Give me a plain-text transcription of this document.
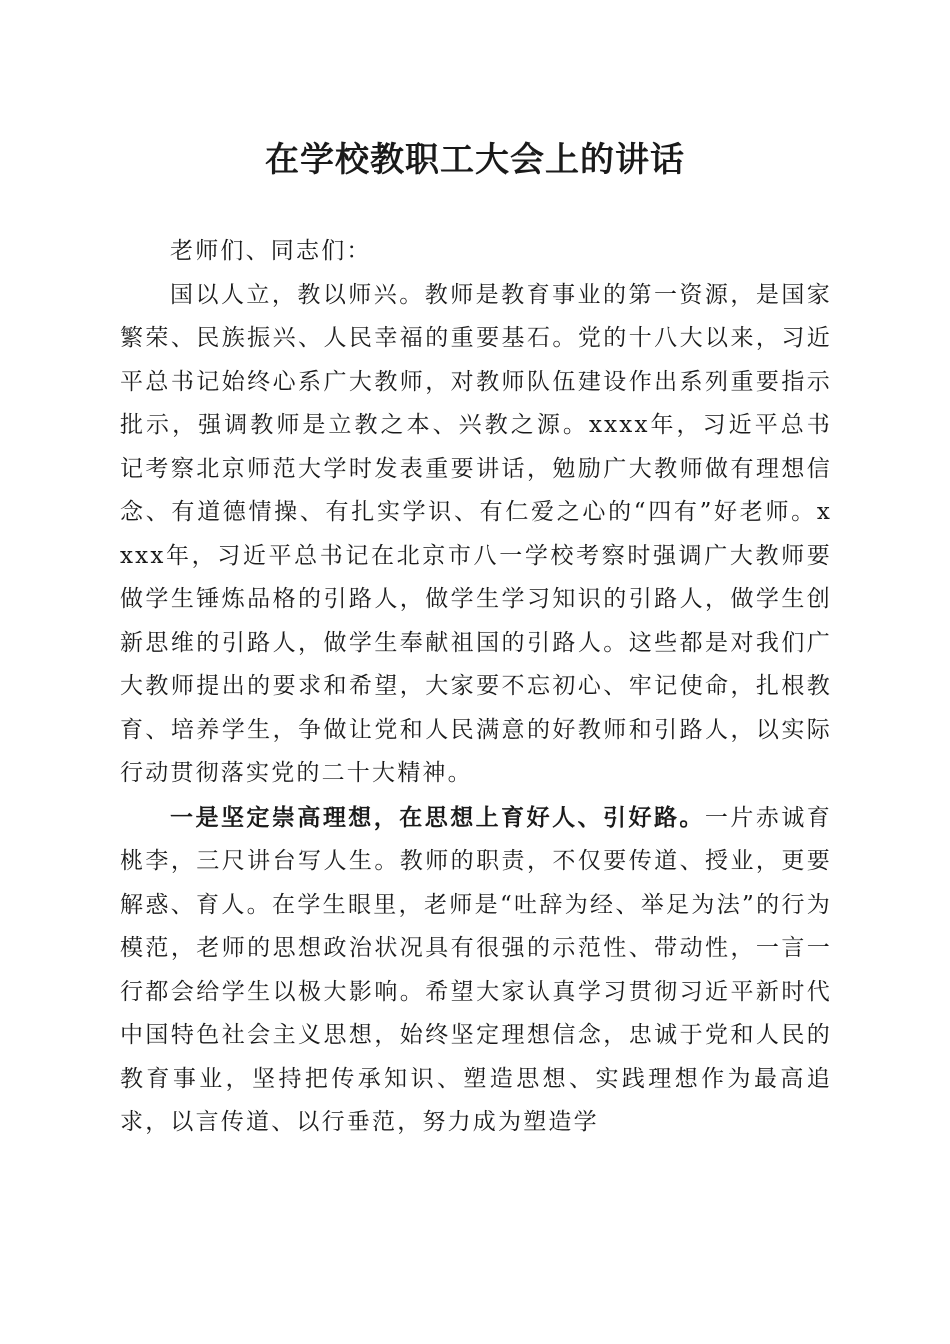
在学校教职工大会上的讲话

老师们、同志们：

国以人立，教以师兴。教师是教育事业的第一资源，是国家繁荣、民族振兴、人民幸福的重要基石。党的十八大以来，习近平总书记始终心系广大教师，对教师队伍建设作出系列重要指示批示，强调教师是立教之本、兴教之源。xxxx年，习近平总书记考察北京师范大学时发表重要讲话，勉励广大教师做有理想信念、有道德情操、有扎实学识、有仁爱之心的“四有”好老师。xxxx年，习近平总书记在北京市八一学校考察时强调广大教师要做学生锤炼品格的引路人，做学生学习知识的引路人，做学生创新思维的引路人，做学生奉献祖国的引路人。这些都是对我们广大教师提出的要求和希望，大家要不忘初心、牢记使命，扎根教育、培养学生，争做让党和人民满意的好教师和引路人，以实际行动贯彻落实党的二十大精神。

一是坚定崇高理想，在思想上育好人、引好路。一片赤诚育桃李，三尺讲台写人生。教师的职责，不仅要传道、授业，更要解惑、育人。在学生眼里，老师是“吐辞为经、举足为法”的行为模范，老师的思想政治状况具有很强的示范性、带动性，一言一行都会给学生以极大影响。希望大家认真学习贯彻习近平新时代中国特色社会主义思想，始终坚定理想信念，忠诚于党和人民的教育事业，坚持把传承知识、塑造思想、实践理想作为最高追求，以言传道、以行垂范，努力成为塑造学
